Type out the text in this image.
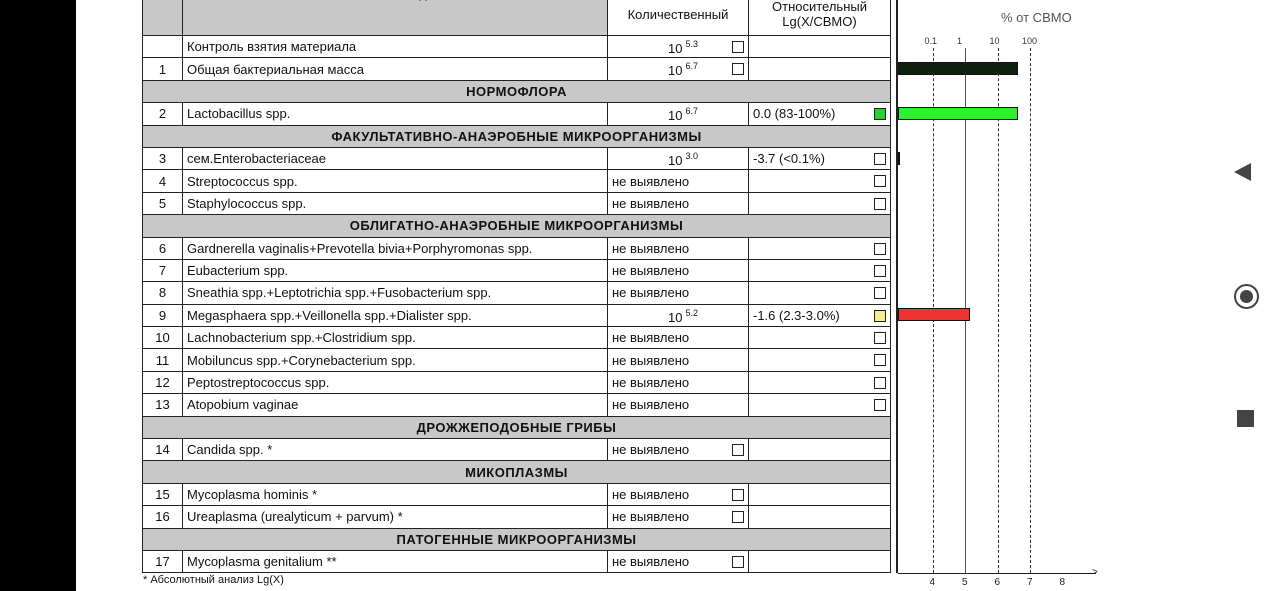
		Количественный	Относительный Lg(X/СВМО)
	Контроль взятия материала	10 $^{5.3}$

1	Общая бактериальная масса	10 $^{6.7}$

НОРМОФЛОРА			
2	Lactobacillus spp.	10 $^{6.7}$	0.0 (83-100%)

ФАКУЛЬТАТИВНО-АНАЭРОБНЫЕ МИКРООРГАНИЗМЫ			
3	сем.Enterobacteriaceae	10 $^{3.0}$	-3.7 (<0.1%)

4	Streptococcus spp.	не выявлено	

5	Staphylococcus spp.	не выявлено	

ОБЛИГАТНО-АНАЭРОБНЫЕ МИКРООРГАНИЗМЫ			
6	Gardnerella vaginalis+Prevotella bivia+Porphyromonas spp.	не выявлено	

7	Eubacterium spp.	не выявлено	

8	Sneathia spp.+Leptotrichia spp.+Fusobacterium spp.	не выявлено	

9	Megasphaera spp.+Veillonella spp.+Dialister spp.	10 $^{5.2}$	-1.6 (2.3-3.0%)

10	Lachnobacterium spp.+Clostridium spp.	не выявлено	

11	Mobiluncus spp.+Corynebacterium spp.	не выявлено	

12	Peptostreptococcus spp.	не выявлено	

13	Atopobium vaginae	не выявлено	

ДРОЖЖЕПОДОБНЫЕ ГРИБЫ			
14	Candida spp. *	не выявлено

МИКОПЛАЗМЫ			
15	Mycoplasma hominis *	не выявлено

16	Ureaplasma (urealyticum + parvum) *	не выявлено

ПАТОГЕННЫЕ МИКРООРГАНИЗМЫ			
17	Mycoplasma genitalium **	не выявлено

% от СВМО
>
0.1 1	10 100
4	5	6	7	8
* Абсолютный анализ Lg(X)
